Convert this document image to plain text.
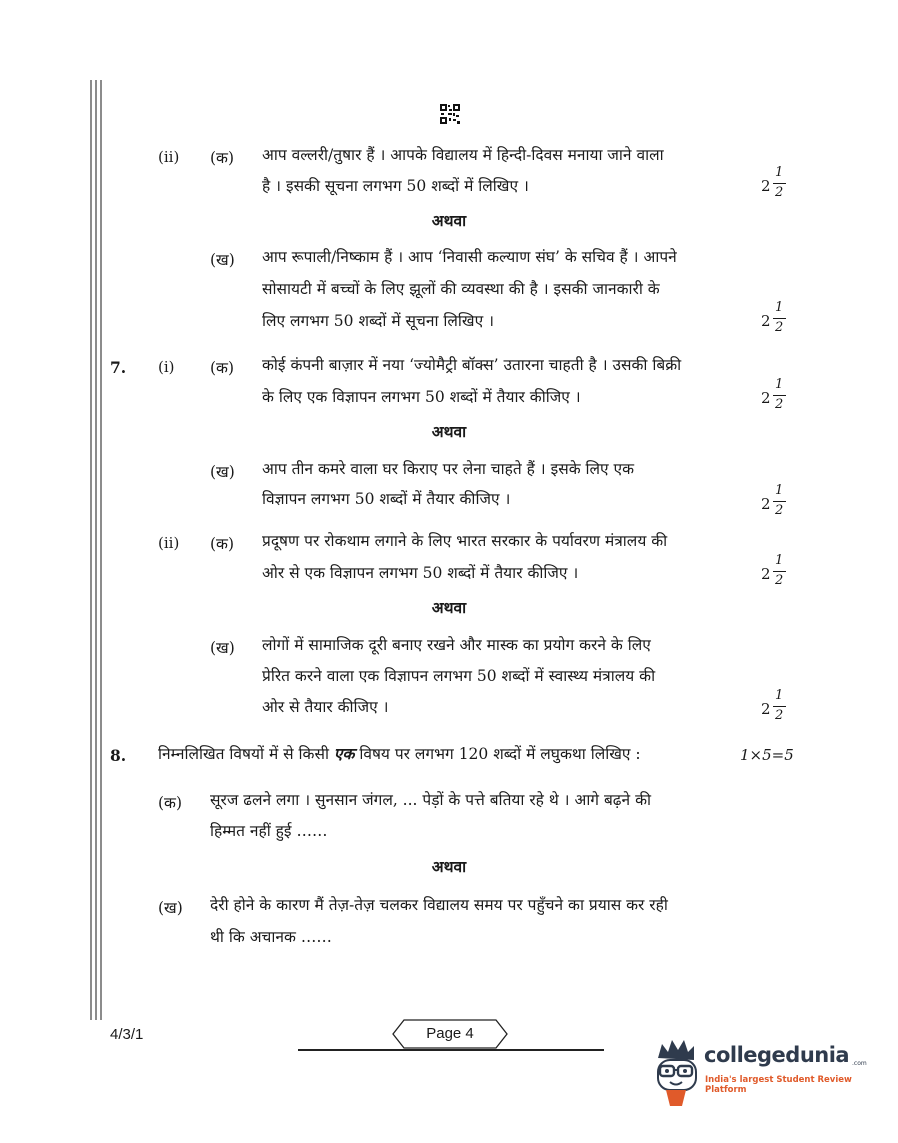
(ii) (क) आप वल्लरी/तुषार हैं । आपके विद्यालय में हिन्दी-दिवस मनाया जाने वाला
है । इसकी सूचना लगभग 50 शब्दों में लिखिए ।	2
1
2
अथवा
(ख) आप रूपाली/निष्काम हैं । आप ‘निवासी कल्याण संघ’ के सचिव हैं । आपने
सोसायटी में बच्चों के लिए झूलों की व्यवस्था की है । इसकी जानकारी के
लिए लगभग 50 शब्दों में सूचना लिखिए ।	2
1
2
7. (i) (क) कोई कंपनी बाज़ार में नया ‘ज्योमैट्री बॉक्स’ उतारना चाहती है । उसकी बिक्री
के लिए एक विज्ञापन लगभग 50 शब्दों में तैयार कीजिए ।	2
1
2
अथवा
(ख) आप तीन कमरे वाला घर किराए पर लेना चाहते हैं । इसके लिए एक
विज्ञापन लगभग 50 शब्दों में तैयार कीजिए ।	2
1
2
(ii) (क) प्रदूषण पर रोकथाम लगाने के लिए भारत सरकार के पर्यावरण मंत्रालय की
ओर से एक विज्ञापन लगभग 50 शब्दों में तैयार कीजिए ।	2
1
2
अथवा
(ख) लोगों में सामाजिक दूरी बनाए रखने और मास्क का प्रयोग करने के लिए
प्रेरित करने वाला एक विज्ञापन लगभग 50 शब्दों में स्वास्थ्य मंत्रालय की
ओर से तैयार कीजिए ।	2
1
2
8. निम्नलिखित विषयों में से किसी एक विषय पर लगभग 120 शब्दों में लघुकथा लिखिए :	1×5=5
(क) सूरज ढलने लगा । सुनसान जंगल, ... पेड़ों के पत्ते बतिया रहे थे । आगे बढ़ने की
हिम्मत नहीं हुई ……
अथवा
(ख) देरी होने के कारण मैं तेज़-तेज़ चलकर विद्यालय समय पर पहुँचने का प्रयास कर रही
थी कि अचानक ……
4/3/1	Page 4
collegedunia .com
India's largest Student Review Platform
